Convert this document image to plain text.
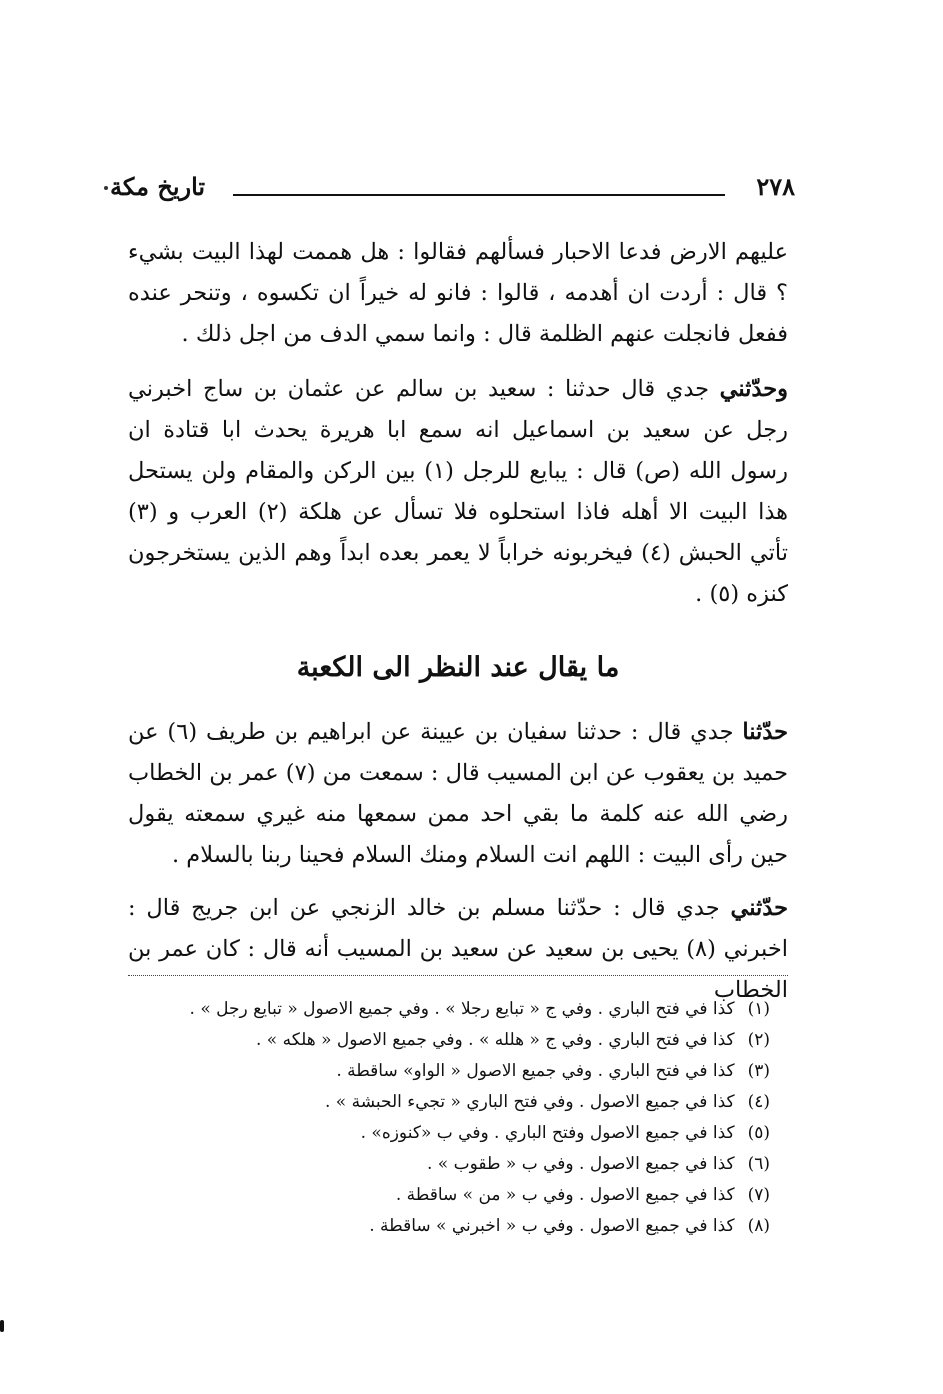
٢٧٨
تاريخ مكة

عليهم الارض فدعا الاحبار فسألهم فقالوا : هل هممت لهذا البيت بشيء ؟ قال : أردت ان أهدمه ، قالوا : فانو له خيراً ان تكسوه ، وتنحر عنده ففعل فانجلت عنهم الظلمة قال : وانما سمي الدف من اجل ذلك .

وحدّثني جدي قال حدثنا : سعيد بن سالم عن عثمان بن ساج اخبرني رجل عن سعيد بن اسماعيل انه سمع ابا هريرة يحدث ابا قتادة ان رسول الله (ص) قال : يبايع للرجل (١) بين الركن والمقام ولن يستحل هذا البيت الا أهله فاذا استحلوه فلا تسأل عن هلكة (٢) العرب و (٣) تأتي الحبش (٤) فيخربونه خراباً لا يعمر بعده ابداً وهم الذين يستخرجون كنزه (٥) .

ما يقال عند النظر الى الكعبة

حدّثنا جدي قال : حدثنا سفيان بن عيينة عن ابراهيم بن طريف (٦) عن حميد بن يعقوب عن ابن المسيب قال : سمعت من (٧) عمر بن الخطاب رضي الله عنه كلمة ما بقي احد ممن سمعها منه غيري سمعته يقول حين رأى البيت : اللهم انت السلام ومنك السلام فحينا ربنا بالسلام .

حدّثني جدي قال : حدّثنا مسلم بن خالد الزنجي عن ابن جريج قال : اخبرني (٨) يحيى بن سعيد عن سعيد بن المسيب أنه قال : كان عمر بن الخطاب

(١) كذا في فتح الباري . وفي ج « تبايع رجلا » . وفي جميع الاصول « تبايع رجل » .
(٢) كذا في فتح الباري . وفي ج « هلله » . وفي جميع الاصول « هلكه » .
(٣) كذا في فتح الباري . وفي جميع الاصول « الواو» ساقطة .
(٤) كذا في جميع الاصول . وفي فتح الباري « تجيء الحبشة » .
(٥) كذا في جميع الاصول وفتح الباري . وفي ب «كنوزه» .
(٦) كذا في جميع الاصول . وفي ب « طقوب » .
(٧) كذا في جميع الاصول . وفي ب « من » ساقطة .
(٨) كذا في جميع الاصول . وفي ب « اخبرني » ساقطة .
